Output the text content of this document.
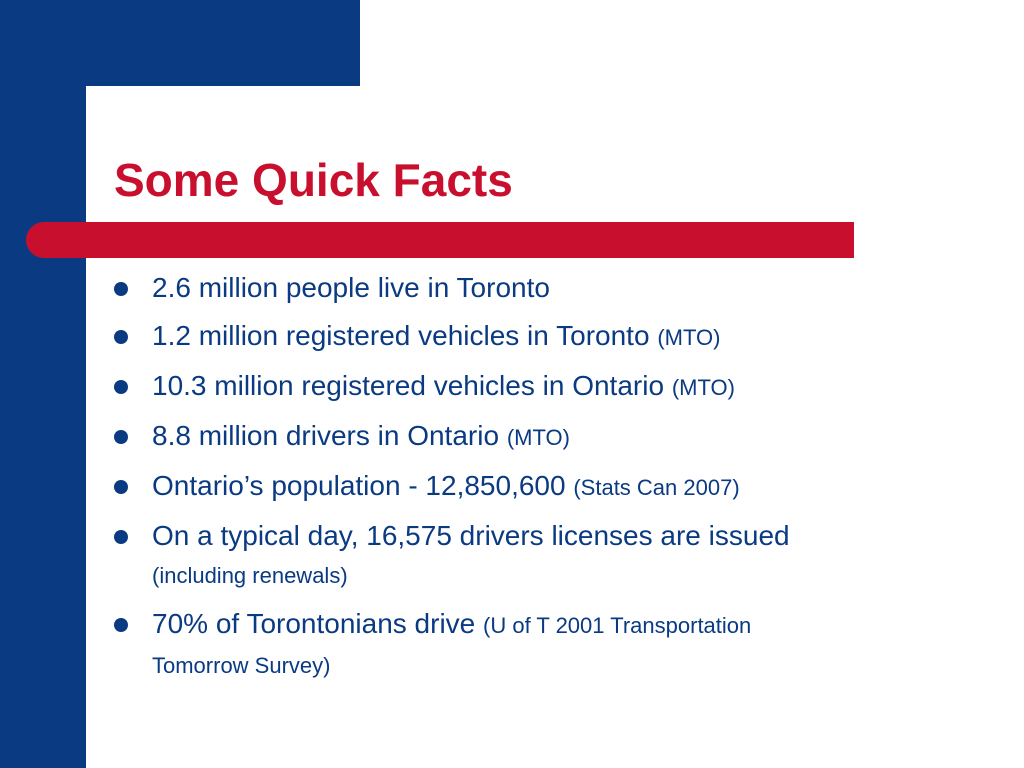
Some Quick Facts
2.6 million people live in Toronto
1.2 million registered vehicles in Toronto (MTO)
10.3 million registered vehicles in Ontario (MTO)
8.8 million drivers in Ontario (MTO)
Ontario’s population - 12,850,600 (Stats Can 2007)
On a typical day, 16,575 drivers licenses are issued
(including renewals)
70% of Torontonians drive (U of T 2001 Transportation
Tomorrow Survey)
